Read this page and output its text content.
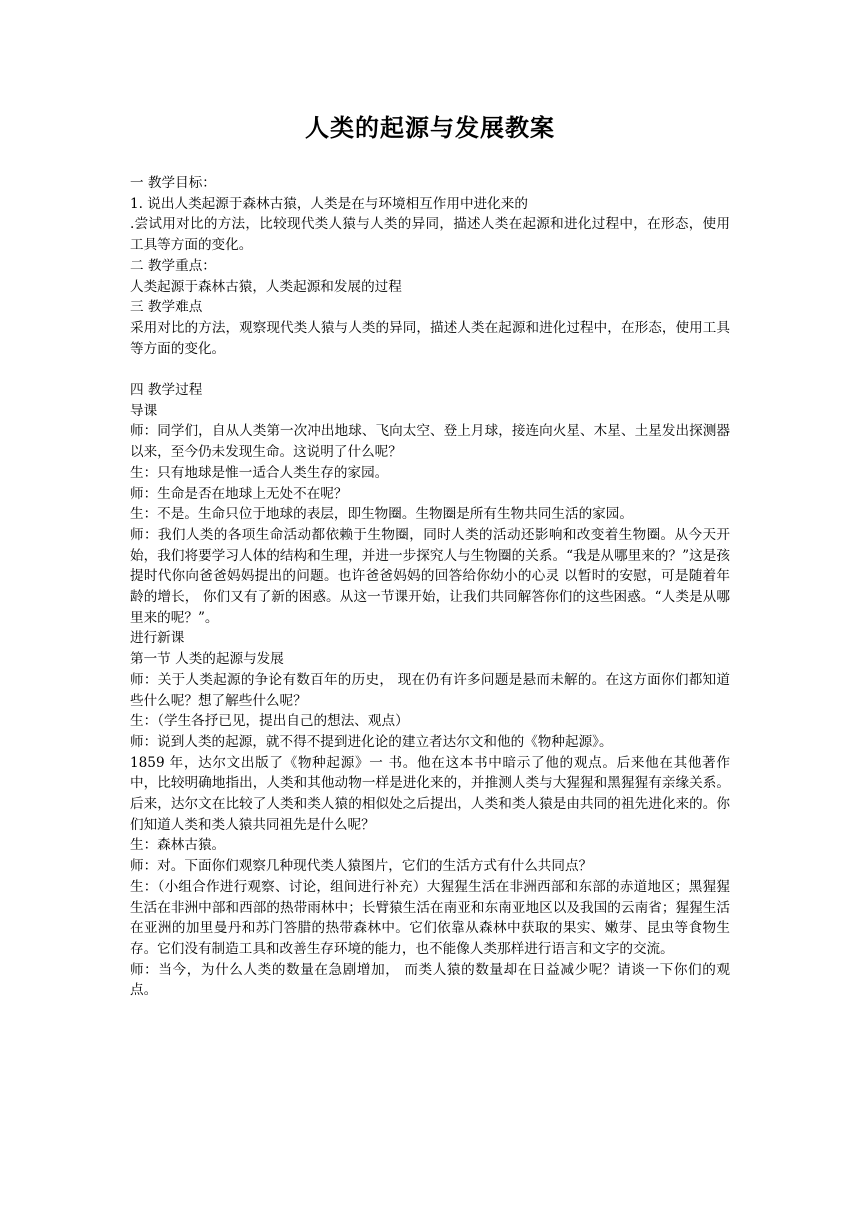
人类的起源与发展教案

一 教学目标：

1. 说出人类起源于森林古猿，人类是在与环境相互作用中进化来的

.尝试用对比的方法，比较现代类人猿与人类的异同，描述人类在起源和进化过程中，在形态，使用工具等方面的变化。

二 教学重点：

人类起源于森林古猿，人类起源和发展的过程

三 教学难点

采用对比的方法，观察现代类人猿与人类的异同，描述人类在起源和进化过程中，在形态，使用工具等方面的变化。

四 教学过程

导课

师：同学们，自从人类第一次冲出地球、飞向太空、登上月球，接连向火星、木星、土星发出探测器以来，至今仍未发现生命。这说明了什么呢？

生：只有地球是惟一适合人类生存的家园。

师：生命是否在地球上无处不在呢？

生：不是。生命只位于地球的表层，即生物圈。生物圈是所有生物共同生活的家园。

师：我们人类的各项生命活动都依赖于生物圈，同时人类的活动还影响和改变着生物圈。从今天开始，我们将要学习人体的结构和生理，并进一步探究人与生物圈的关系。“我是从哪里来的？”这是孩提时代你向爸爸妈妈提出的问题。也许爸爸妈妈的回答给你幼小的心灵 以暂时的安慰，可是随着年龄的增长， 你们又有了新的困惑。从这一节课开始，让我们共同解答你们的这些困惑。“人类是从哪里来的呢？”。

进行新课

第一节 人类的起源与发展

师：关于人类起源的争论有数百年的历史， 现在仍有许多问题是悬而未解的。在这方面你们都知道些什么呢？想了解些什么呢？

生：（学生各抒已见，提出自己的想法、观点）

师：说到人类的起源，就不得不提到进化论的建立者达尔文和他的《物种起源》。

1859 年，达尔文出版了《物种起源》一 书。他在这本书中暗示了他的观点。后来他在其他著作中，比较明确地指出，人类和其他动物一样是进化来的，并推测人类与大猩猩和黑猩猩有亲缘关系。后来，达尔文在比较了人类和类人猿的相似处之后提出，人类和类人猿是由共同的祖先进化来的。你们知道人类和类人猿共同祖先是什么呢？

生：森林古猿。

师：对。下面你们观察几种现代类人猿图片，它们的生活方式有什么共同点？

生：（小组合作进行观察、讨论，组间进行补充）大猩猩生活在非洲西部和东部的赤道地区；黑猩猩生活在非洲中部和西部的热带雨林中；长臂猿生活在南亚和东南亚地区以及我国的云南省；猩猩生活在亚洲的加里曼丹和苏门答腊的热带森林中。它们依靠从森林中获取的果实、嫩芽、昆虫等食物生存。它们没有制造工具和改善生存环境的能力，也不能像人类那样进行语言和文字的交流。

师：当今，为什么人类的数量在急剧增加， 而类人猿的数量却在日益减少呢？请谈一下你们的观点。
